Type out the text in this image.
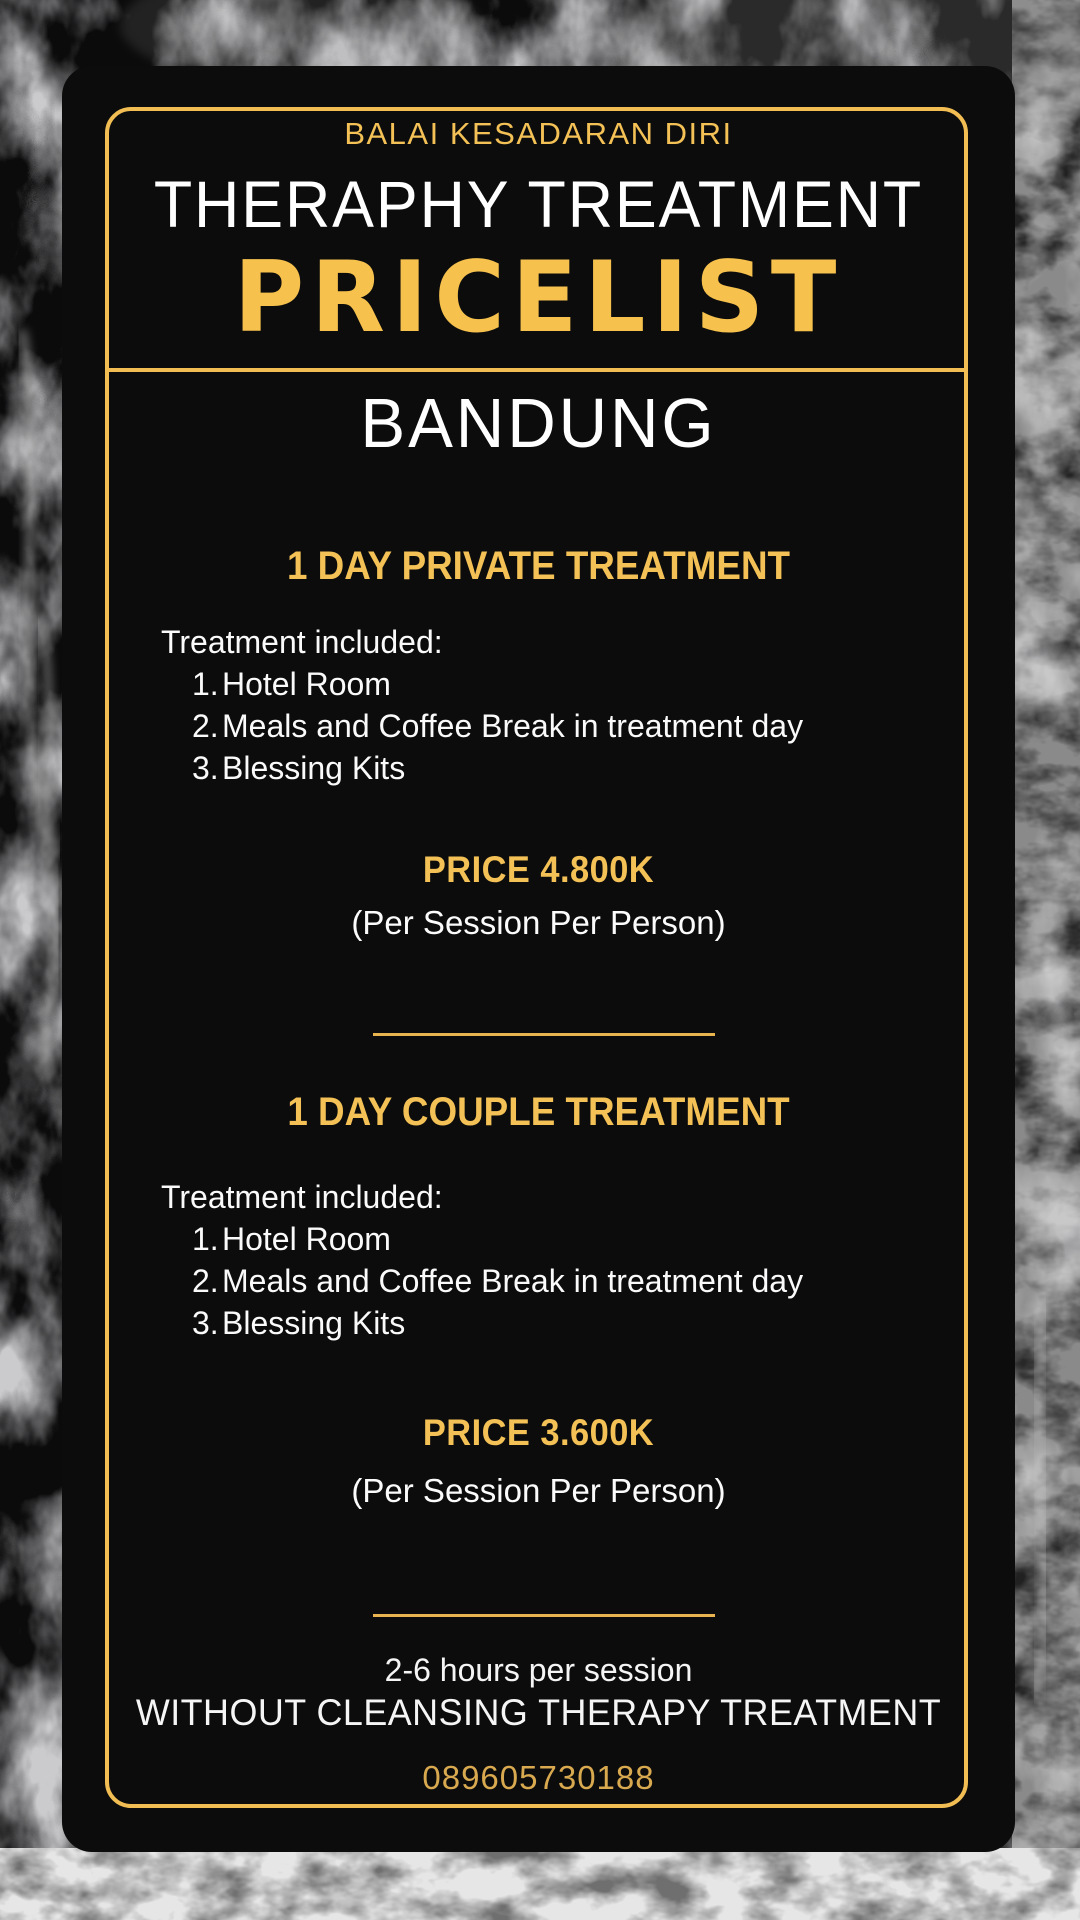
BALAI KESADARAN DIRI
THERAPHY TREATMENT
PRICELIST
BANDUNG
1 DAY PRIVATE TREATMENT
Treatment included:
1. Hotel Room
2. Meals and Coffee Break in treatment day
3. Blessing Kits
PRICE 4.800K
(Per Session Per Person)
1 DAY COUPLE TREATMENT
Treatment included:
1. Hotel Room
2. Meals and Coffee Break in treatment day
3. Blessing Kits
PRICE 3.600K
(Per Session Per Person)
2-6 hours per session
WITHOUT CLEANSING THERAPY TREATMENT
089605730188
